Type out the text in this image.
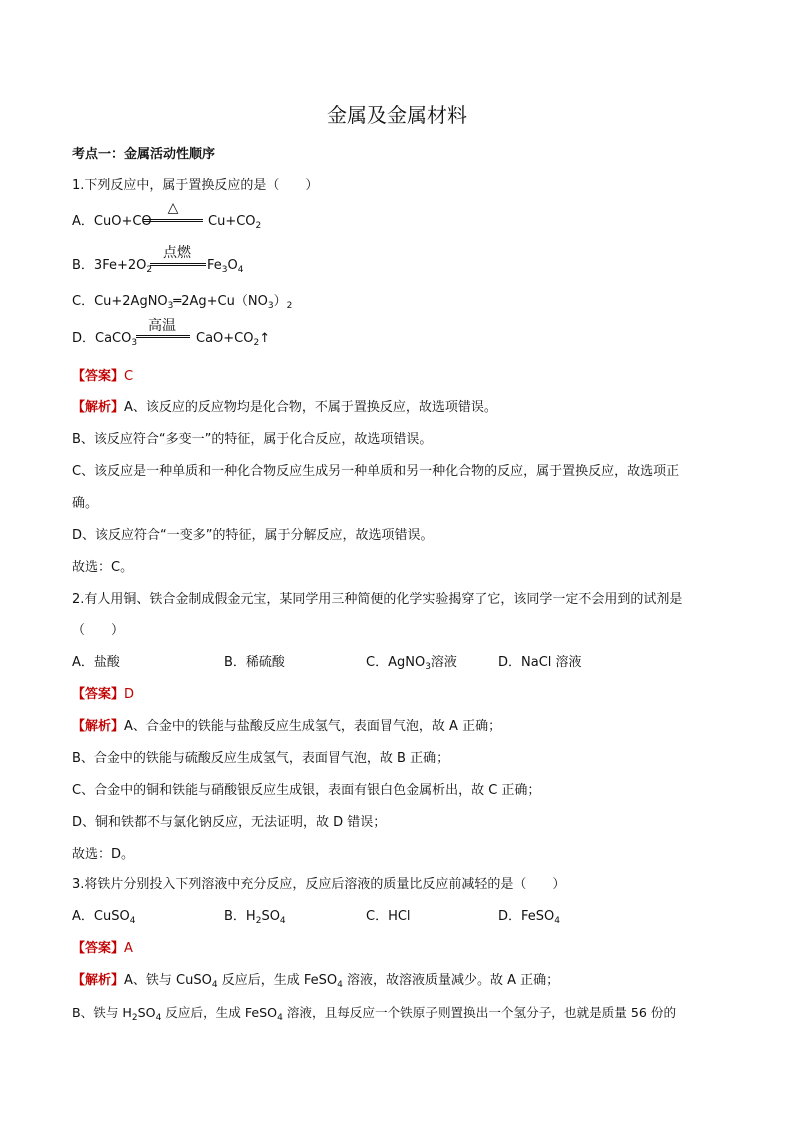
金属及金属材料
考点一：金属活动性顺序
1.下列反应中，属于置换反应的是（　　）
A．CuO+CO
△
$Cu+CO_2$
B．$3Fe+2O_2$
点燃
$Fe_3O_4$
C．$Cu+2AgNO_3═2Ag+Cu(NO_3)_2$
D．CaCO$_3$
高温
$CaO+CO_2↑$
【答案】C
【解析】A、该反应的反应物均是化合物，不属于置换反应，故选项错误。
B、该反应符合“多变一”的特征，属于化合反应，故选项错误。
C、该反应是一种单质和一种化合物反应生成另一种单质和另一种化合物的反应，属于置换反应，故选项正
确。
D、该反应符合“一变多”的特征，属于分解反应，故选项错误。
故选：C。
2.有人用铜、铁合金制成假金元宝，某同学用三种简便的化学实验揭穿了它，该同学一定不会用到的试剂是
（　　）
A．盐酸	B．稀硫酸	C．AgNO$_3$溶液	D．NaCl 溶液
【答案】D
【解析】A、合金中的铁能与盐酸反应生成氢气，表面冒气泡，故 A 正确；
B、合金中的铁能与硫酸反应生成氢气，表面冒气泡，故 B 正确；
C、合金中的铜和铁能与硝酸银反应生成银，表面有银白色金属析出，故 C 正确；
D、铜和铁都不与氯化钠反应，无法证明，故 D 错误；
故选：D。
3.将铁片分别投入下列溶液中充分反应，反应后溶液的质量比反应前减轻的是（　　）
A．CuSO$_4$	B．$H_2SO_4$	C．HCl	D．FeSO$_4$
【答案】A
【解析】A、铁与 CuSO$_4$ 反应后，生成 FeSO$_4$ 溶液，故溶液质量减少。故 A 正确；
B、铁与 $H_2SO_4$ 反应后，生成 FeSO$_4$ 溶液，且每反应一个铁原子则置换出一个氢分子，也就是质量 56 份的
